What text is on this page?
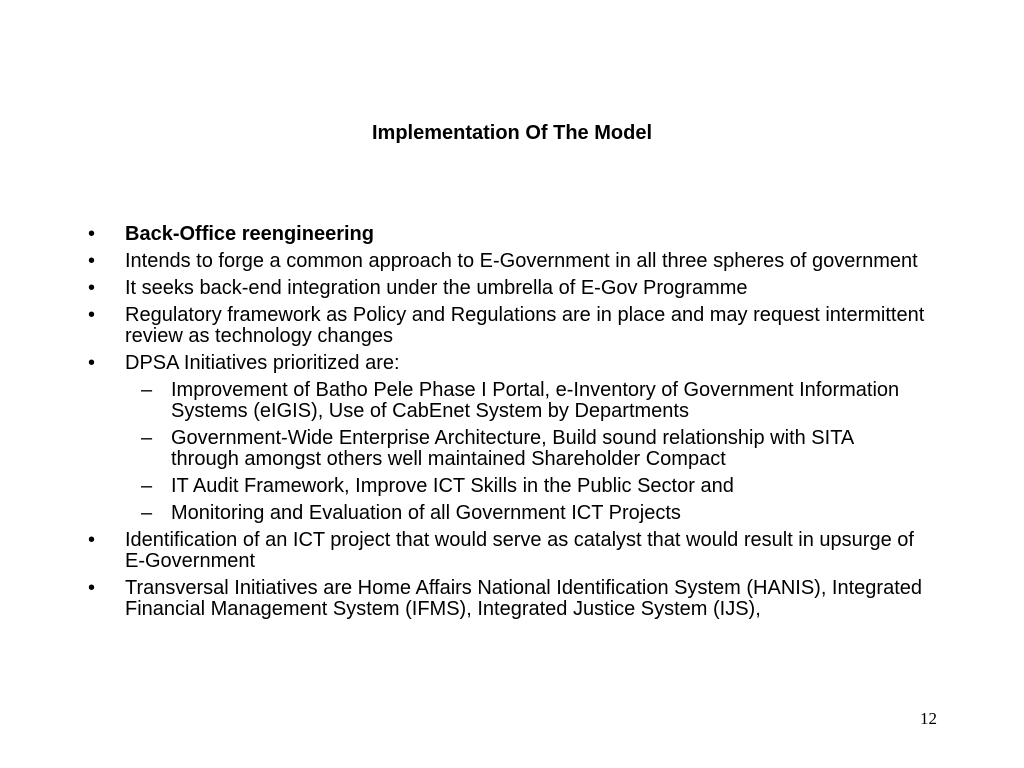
Implementation Of The Model
• Back-Office reengineering
• Intends to forge a common approach to E-Government in all three spheres of government
• It seeks back-end integration under the umbrella of E-Gov Programme
• Regulatory framework as Policy and Regulations are in place and may request intermittent review as technology changes
• DPSA Initiatives prioritized are:
– Improvement of Batho Pele Phase I Portal, e-Inventory of Government Information Systems (eIGIS), Use of CabEnet System by Departments
– Government-Wide Enterprise Architecture, Build sound relationship with SITA through amongst others well maintained Shareholder Compact
– IT Audit Framework, Improve ICT Skills in the Public Sector and
– Monitoring and Evaluation of all Government ICT Projects
• Identification of an ICT project that would serve as catalyst that would result in upsurge of E-Government
• Transversal Initiatives are Home Affairs National Identification System (HANIS), Integrated Financial Management System (IFMS), Integrated Justice System (IJS),
12
